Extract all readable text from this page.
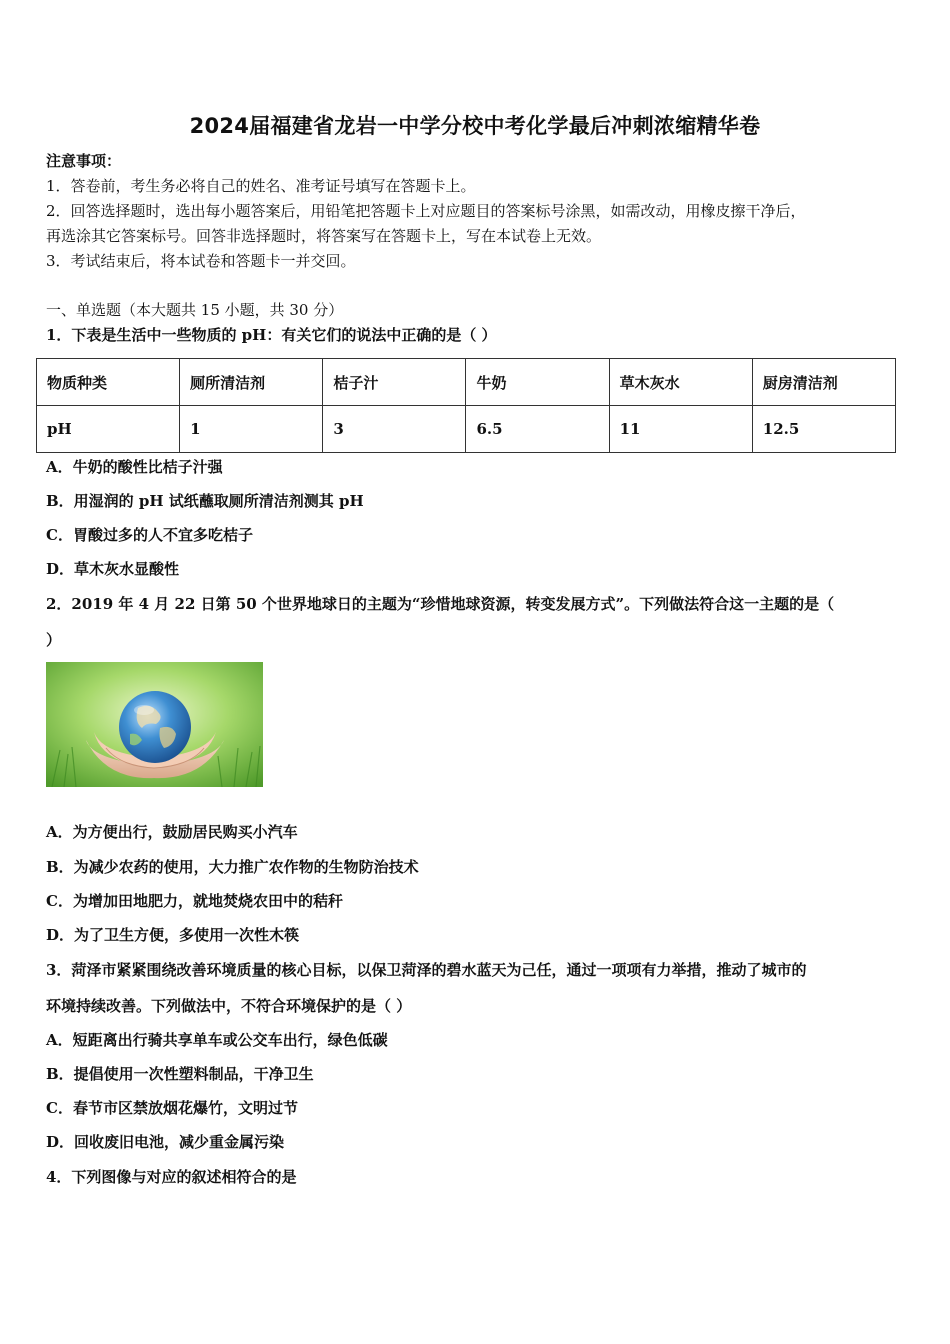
2024届福建省龙岩一中学分校中考化学最后冲刺浓缩精华卷
注意事项：
1．答卷前，考生务必将自己的姓名、准考证号填写在答题卡上。
2．回答选择题时，选出每小题答案后，用铅笔把答题卡上对应题目的答案标号涂黑，如需改动，用橡皮擦干净后，
再选涂其它答案标号。回答非选择题时，将答案写在答题卡上，写在本试卷上无效。
3．考试结束后，将本试卷和答题卡一并交回。
一、单选题（本大题共 15 小题，共 30 分）
1．下表是生活中一些物质的 pH：有关它们的说法中正确的是（ ）
物质种类	厕所清洁剂	桔子汁	牛奶	草木灰水	厨房清洁剂
pH	1	3	6.5	11	12.5
A．牛奶的酸性比桔子汁强
B．用湿润的 pH 试纸蘸取厕所清洁剂测其 pH
C．胃酸过多的人不宜多吃桔子
D．草木灰水显酸性
2．2019 年 4 月 22 日第 50 个世界地球日的主题为“珍惜地球资源，转变发展方式”。下列做法符合这一主题的是（
）
A．为方便出行，鼓励居民购买小汽车
B．为减少农药的使用，大力推广农作物的生物防治技术
C．为增加田地肥力，就地焚烧农田中的秸秆
D．为了卫生方便，多使用一次性木筷
3．菏泽市紧紧围绕改善环境质量的核心目标，以保卫菏泽的碧水蓝天为己任，通过一项项有力举措，推动了城市的
环境持续改善。下列做法中，不符合环境保护的是（ ）
A．短距离出行骑共享单车或公交车出行，绿色低碳
B．提倡使用一次性塑料制品，干净卫生
C．春节市区禁放烟花爆竹，文明过节
D．回收废旧电池，减少重金属污染
4．下列图像与对应的叙述相符合的是
